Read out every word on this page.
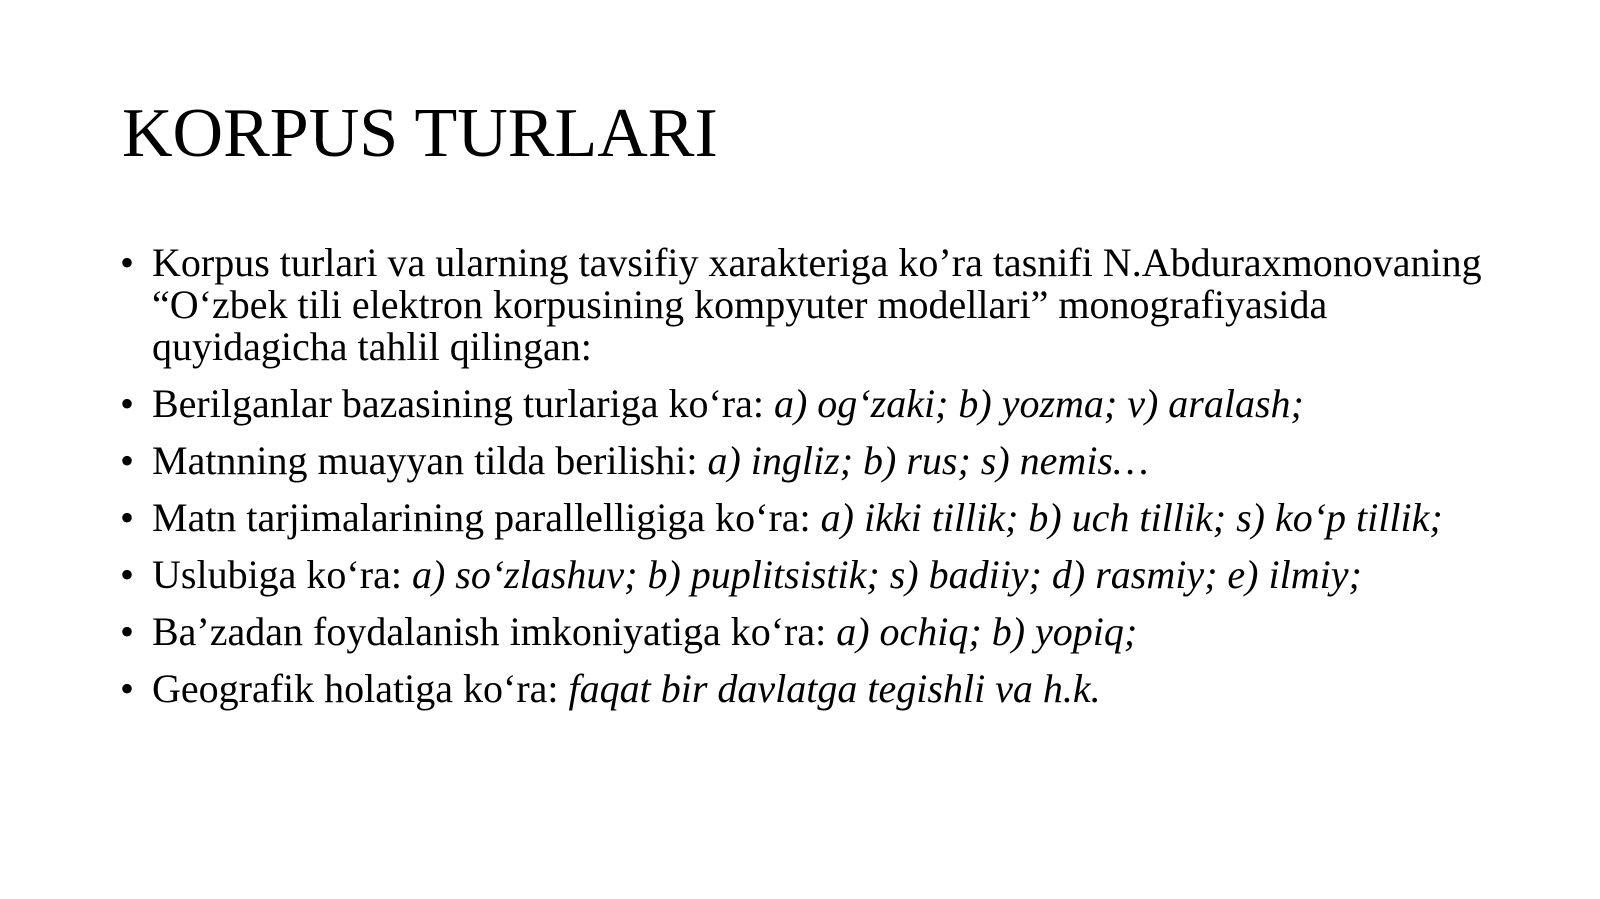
KORPUS TURLARI
• Korpus turlari va ularning tavsifiy xarakteriga ko’ra tasnifi N.Abduraxmonovaning “O‘zbek tili elektron korpusining kompyuter modellari” monografiyasida quyidagicha tahlil qilingan:
• Berilganlar bazasining turlariga ko‘ra: a) og‘zaki; b) yozma; v) aralash;
• Matnning muayyan tilda berilishi: a) ingliz; b) rus; s) nemis…
• Matn tarjimalarining parallelligiga ko‘ra: a) ikki tillik; b) uch tillik; s) ko‘p tillik;
• Uslubiga ko‘ra: a) so‘zlashuv; b) puplitsistik; s) badiiy; d) rasmiy; e) ilmiy;
• Ba’zadan foydalanish imkoniyatiga ko‘ra: a) ochiq; b) yopiq;
• Geografik holatiga ko‘ra: faqat bir davlatga tegishli va h.k.
